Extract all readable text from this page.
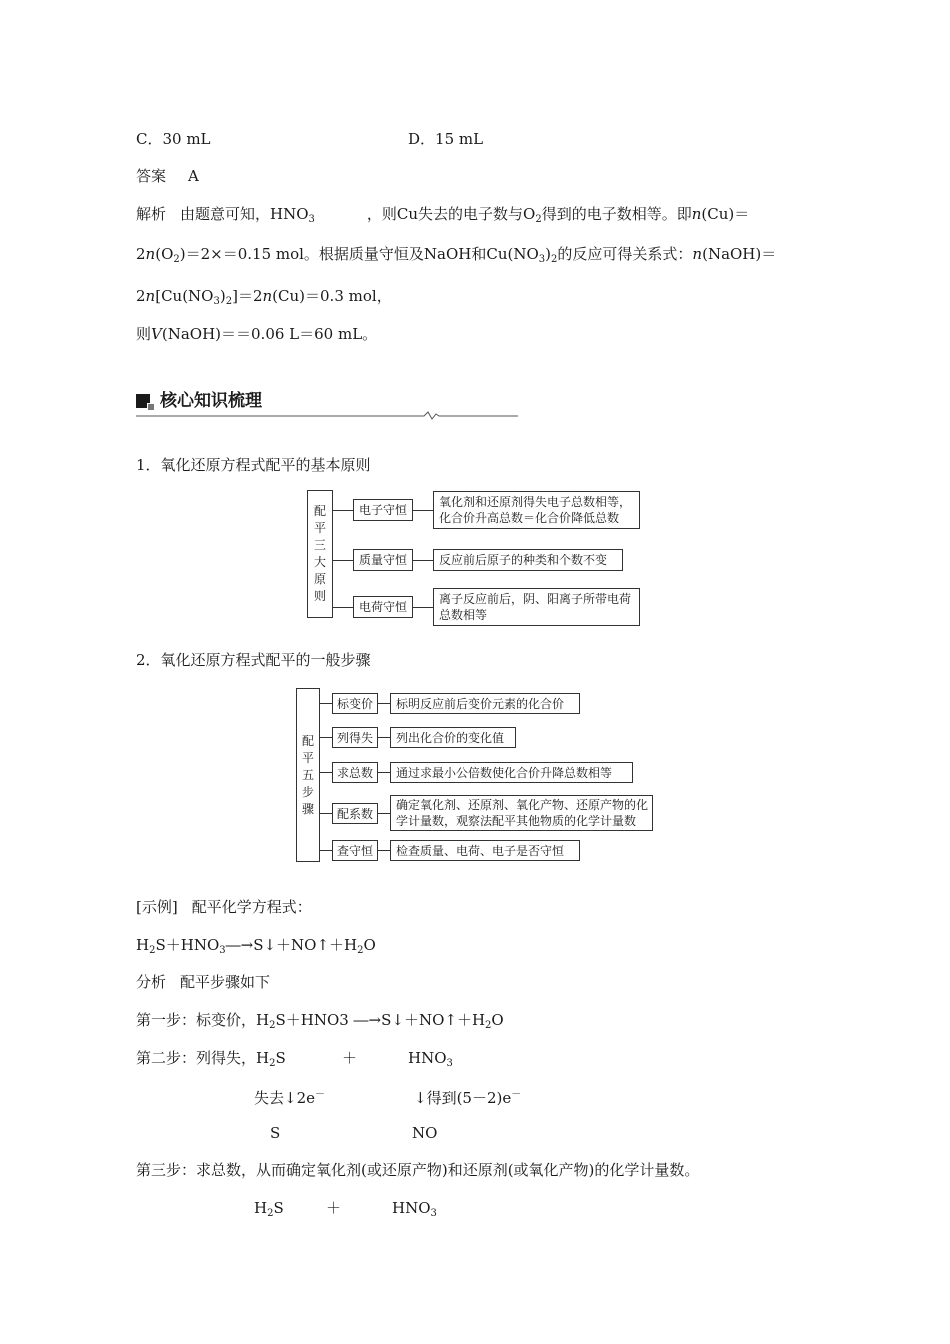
C．30 mL	D．15 mL
答案 A
解析 由题意可知，$HNO_3$	，则Cu失去的电子数与$O_2$得到的电子数相等。即n(Cu)＝
$2n(O_2)=2\times=0.15$ mol。根据质量守恒及NaOH和$Cu(NO_3)_2$的反应可得关系式：n(NaOH)＝
$2n[Cu(NO_3)_2]=2n(Cu)=0.3$ mol，
则V(NaOH)＝＝0.06 L＝60 mL。
核心知识梳理
1．氧化还原方程式配平的基本原则
配平三大原则
电子守恒
氧化剂和还原剂得失电子总数相等，化合价升高总数＝化合价降低总数
质量守恒	反应前后原子的种类和个数不变
电荷守恒
离子反应前后，阴、阳离子所带电荷总数相等
2．氧化还原方程式配平的一般步骤
配平五步骤
标变价	标明反应前后变价元素的化合价
列得失	列出化合价的变化值
求总数	通过求最小公倍数使化合价升降总数相等
配系数
确定氧化剂、还原剂、氧化产物、还原产物的化学计量数，观察法配平其他物质的化学计量数
查守恒	检查质量、电荷、电子是否守恒
[示例] 配平化学方程式：
$H_2S+HNO_3―\to S↓+NO↑+H_2O$
分析 配平步骤如下
第一步：标变价，$H_2S+HNO3$ $―\to S↓+NO↑+H_2O$
第二步：列得失，$H_2S$	＋	$HNO_3$
失去↓2e－	↓得到(5－2)e－
S	NO
第三步：求总数，从而确定氧化剂(或还原产物)和还原剂(或氧化产物)的化学计量数。
$H_2S$	＋	$HNO_3$
